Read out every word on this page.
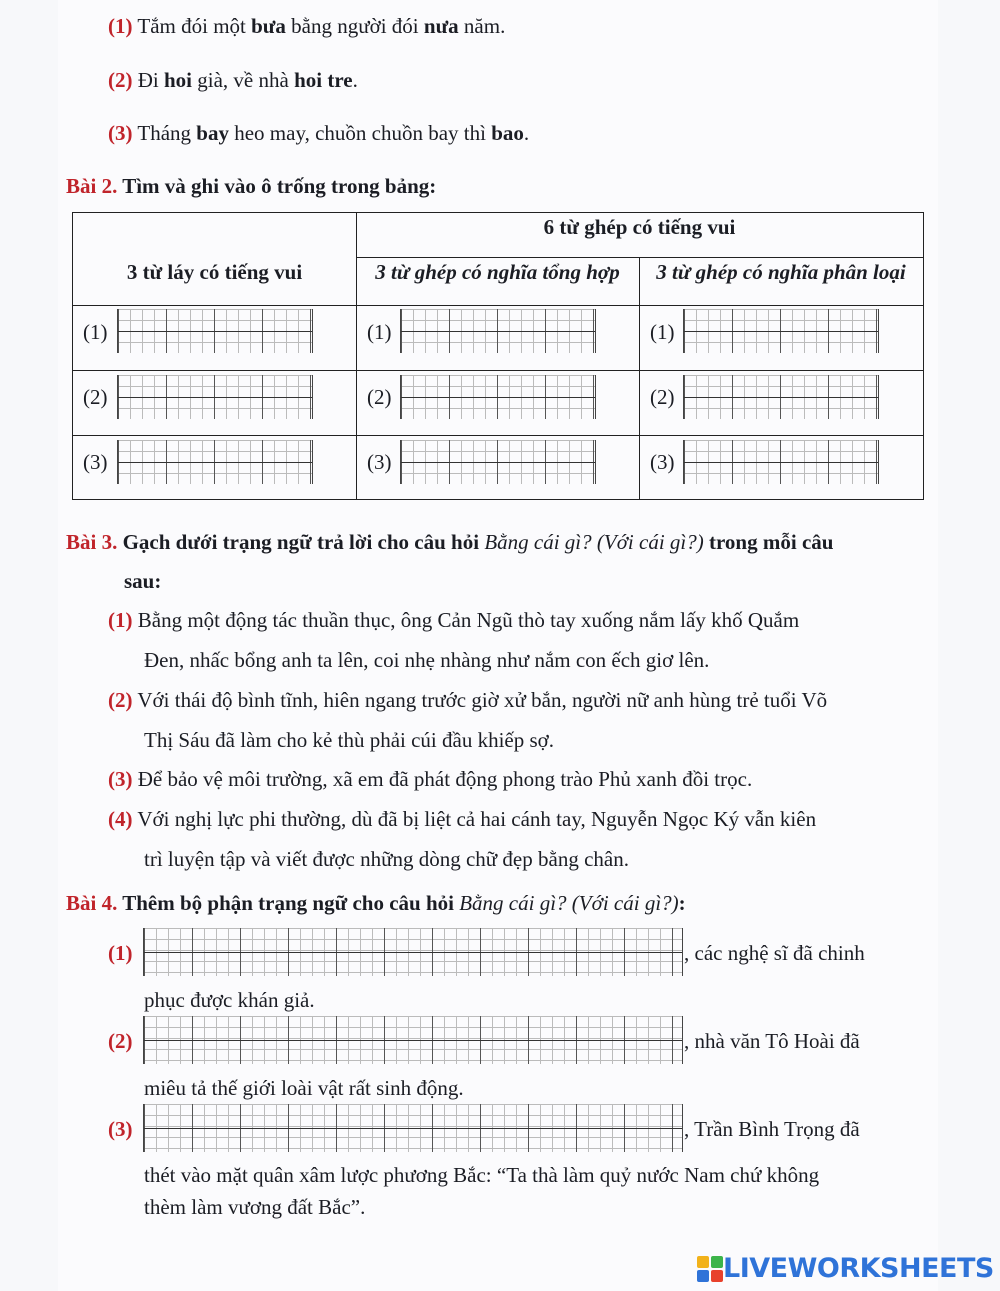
(1) Tắm đói một bưa bằng người đói nưa năm.
(2) Đi hoi già, về nhà hoi tre.
(3) Tháng bay heo may, chuồn chuồn bay thì bao.
Bài 2. Tìm và ghi vào ô trống trong bảng:
3 từ láy có tiếng vui
6 từ ghép có tiếng vui
3 từ ghép có nghĩa tổng hợp	3 từ ghép có nghĩa phân loại
(1)	(1)	(1)
(2)	(2)	(2)
(3)	(3)	(3)
Bài 3. Gạch dưới trạng ngữ trả lời cho câu hỏi Bằng cái gì? (Với cái gì?) trong mỗi câu
sau:
(1) Bằng một động tác thuần thục, ông Cản Ngũ thò tay xuống nắm lấy khố Quắm
Đen, nhấc bổng anh ta lên, coi nhẹ nhàng như nắm con ếch giơ lên.
(2) Với thái độ bình tĩnh, hiên ngang trước giờ xử bắn, người nữ anh hùng trẻ tuổi Võ
Thị Sáu đã làm cho kẻ thù phải cúi đầu khiếp sợ.
(3) Để bảo vệ môi trường, xã em đã phát động phong trào Phủ xanh đồi trọc.
(4) Với nghị lực phi thường, dù đã bị liệt cả hai cánh tay, Nguyễn Ngọc Ký vẫn kiên
trì luyện tập và viết được những dòng chữ đẹp bằng chân.
Bài 4. Thêm bộ phận trạng ngữ cho câu hỏi Bằng cái gì? (Với cái gì?):
(1)	, các nghệ sĩ đã chinh
phục được khán giả.
(2)	, nhà văn Tô Hoài đã
miêu tả thế giới loài vật rất sinh động.
(3)	, Trần Bình Trọng đã
thét vào mặt quân xâm lược phương Bắc: “Ta thà làm quỷ nước Nam chứ không
thèm làm vương đất Bắc”.
LIVEWORKSHEETS
